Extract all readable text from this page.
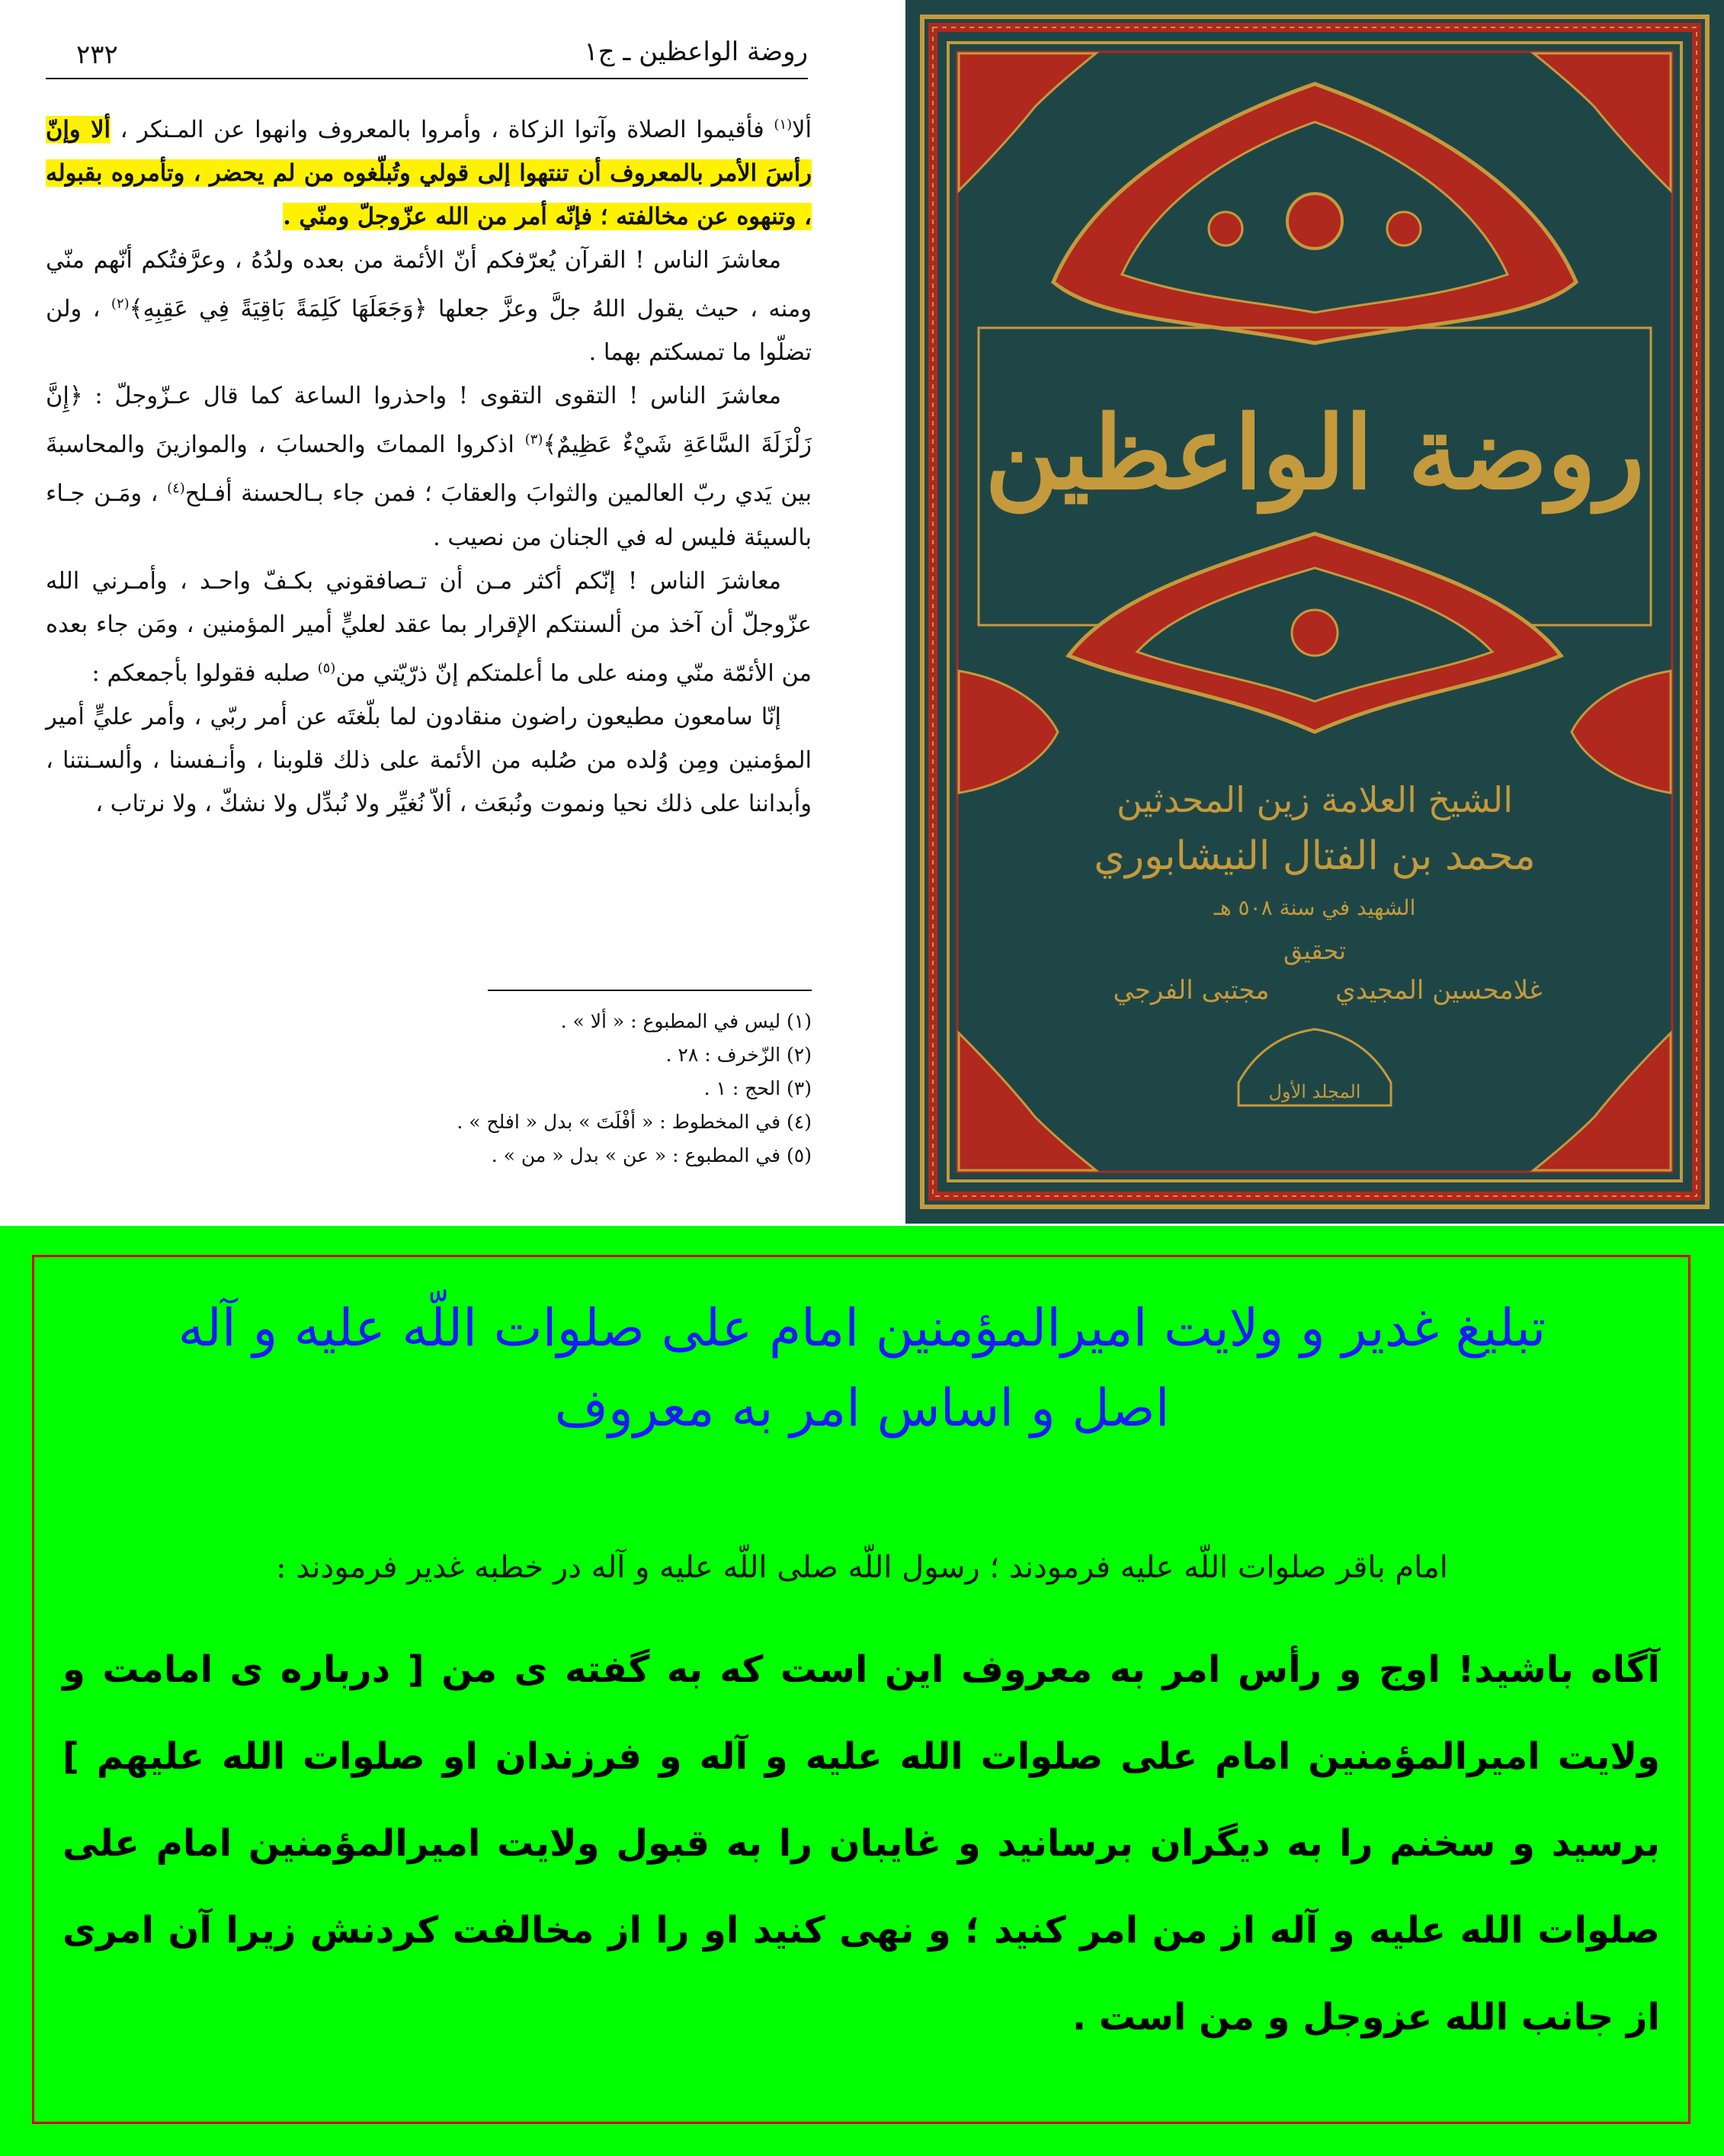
روضة الواعظين ـ ج١
٢٣٢

ألا$^{(١)}$ فأقيموا الصلاة وآتوا الزكاة ، وأمروا بالمعروف وانهوا عن المـنكر ، ألا وإنّ رأسَ الأمر بالمعروف أن تنتهوا إلى قولي وتُبلّغوه من لم يحضر ، وتأمروه بقبوله ، وتنهوه عن مخالفته ؛ فإنّه أمر من الله عزّوجلّ ومنّي .

معاشرَ الناس ! القرآن يُعرّفكم أنّ الأئمة من بعده ولدُهُ ، وعرَّفتُكم أنّهم منّي ومنه ، حيث يقول اللهُ جلَّ وعزَّ جعلها ﴿وَجَعَلَهَا كَلِمَةً بَاقِيَةً فِي عَقِبِهِ﴾$^{(٢)}$ ، ولن تضلّوا ما تمسكتم بهما .

معاشرَ الناس ! التقوى التقوى ! واحذروا الساعة كما قال عـزّوجلّ : ﴿إِنَّ زَلْزَلَةَ السَّاعَةِ شَيْءٌ عَظِيمٌ﴾$^{(٣)}$ اذكروا المماتَ والحسابَ ، والموازينَ والمحاسبةَ بين يَدي ربّ العالمين والثوابَ والعقابَ ؛ فمن جاء بـالحسنة أفـلح$^{(٤)}$ ، ومَـن جـاء بالسيئة فليس له في الجنان من نصيب .

معاشرَ الناس ! إنّكم أكثر مـن أن تـصافقوني بكـفّ واحـد ، وأمـرني الله عزّوجلّ أن آخذ من ألسنتكم الإقرار بما عقد لعليٍّ أمير المؤمنين ، ومَن جاء بعده من الأئمّة منّي ومنه على ما أعلمتكم إنّ ذرّيّتي من$^{(٥)}$ صلبه فقولوا بأجمعكم :

إنّا سامعون مطيعون راضون منقادون لما بلّغتَه عن أمر ربّي ، وأمر عليٍّ أمير المؤمنين ومِن وُلده من صُلبه من الأئمة على ذلك قلوبنا ، وأنـفسنا ، وألسـنتنا ، وأبداننا على ذلك نحيا ونموت ونُبعَث ، ألاّ نُغيِّر ولا نُبدِّل ولا نشكّ ، ولا نرتاب ،

(١) ليس في المطبوع : « ألا » .
(٢) الزّخرف : ٢٨ .
(٣) الحج : ١ .
(٤) في المخطوط : « أفْلَتَ » بدل « افلح » .
(٥) في المطبوع : « عن » بدل « من » .
روضة الواعظين
الشيخ العلامة زين المحدثين
محمد بن الفتال النيشابوري
الشهيد في سنة ٥٠٨ هـ
تحقيق
غلامحسين المجيدي
مجتبى الفرجي
المجلد الأول
تبلیغ غدیر و ولایت امیرالمؤمنین امام علی صلوات اللّه علیه و آله
اصل و اساس امر به معروف
امام باقر صلوات اللّه علیه فرمودند ؛ رسول اللّه صلی اللّه علیه و آله در خطبه غدیر فرمودند :
آگاه باشید! اوج و رأس امر به معروف این است که به گفته ی من [ درباره ی امامت و ولایت امیرالمؤمنین امام علی صلوات الله علیه و آله و فرزندان او صلوات الله علیهم ] برسید و سخنم را به دیگران برسانید و غایبان را به قبول ولایت امیرالمؤمنین امام علی صلوات الله علیه و آله از من امر کنید ؛ و نهی کنید او را از مخالفت کردنش زیرا آن امری از جانب الله عزوجل و من است .
